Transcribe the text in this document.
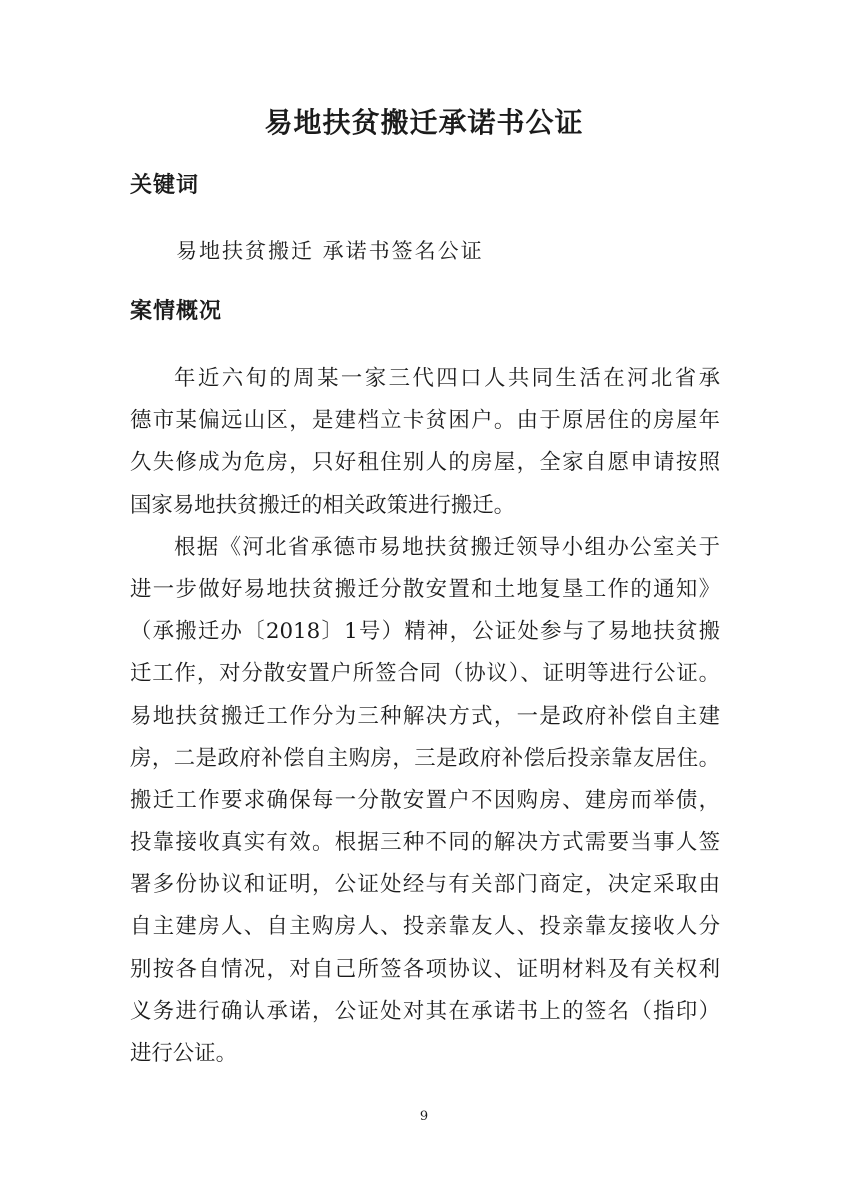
易地扶贫搬迁承诺书公证
关键词
易地扶贫搬迁 承诺书签名公证
案情概况
年近六旬的周某一家三代四口人共同生活在河北省承
德市某偏远山区，是建档立卡贫困户。由于原居住的房屋年
久失修成为危房，只好租住别人的房屋，全家自愿申请按照
国家易地扶贫搬迁的相关政策进行搬迁。
根据《河北省承德市易地扶贫搬迁领导小组办公室关于
进一步做好易地扶贫搬迁分散安置和土地复垦工作的通知》
（承搬迁办〔2018〕1号）精神，公证处参与了易地扶贫搬
迁工作，对分散安置户所签合同（协议）、证明等进行公证。
易地扶贫搬迁工作分为三种解决方式，一是政府补偿自主建
房，二是政府补偿自主购房，三是政府补偿后投亲靠友居住。
搬迁工作要求确保每一分散安置户不因购房、建房而举债，
投靠接收真实有效。根据三种不同的解决方式需要当事人签
署多份协议和证明，公证处经与有关部门商定，决定采取由
自主建房人、自主购房人、投亲靠友人、投亲靠友接收人分
别按各自情况，对自己所签各项协议、证明材料及有关权利
义务进行确认承诺，公证处对其在承诺书上的签名（指印）
进行公证。
9
